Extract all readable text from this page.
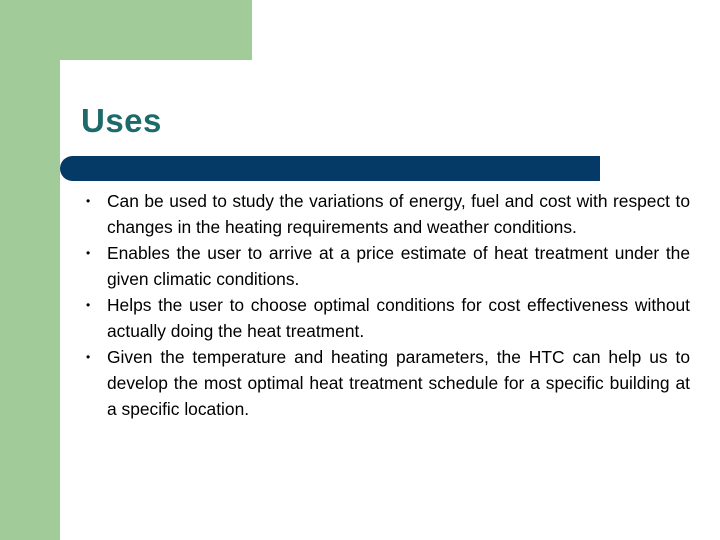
Uses
• Can be used to study the variations of energy, fuel and cost with respect to changes in the heating requirements and weather conditions.
• Enables the user to arrive at a price estimate of heat treatment under the given climatic conditions.
• Helps the user to choose optimal conditions for cost effectiveness without actually doing the heat treatment.
• Given the temperature and heating parameters, the HTC can help us to develop the most optimal heat treatment schedule for a specific building at a specific location.
